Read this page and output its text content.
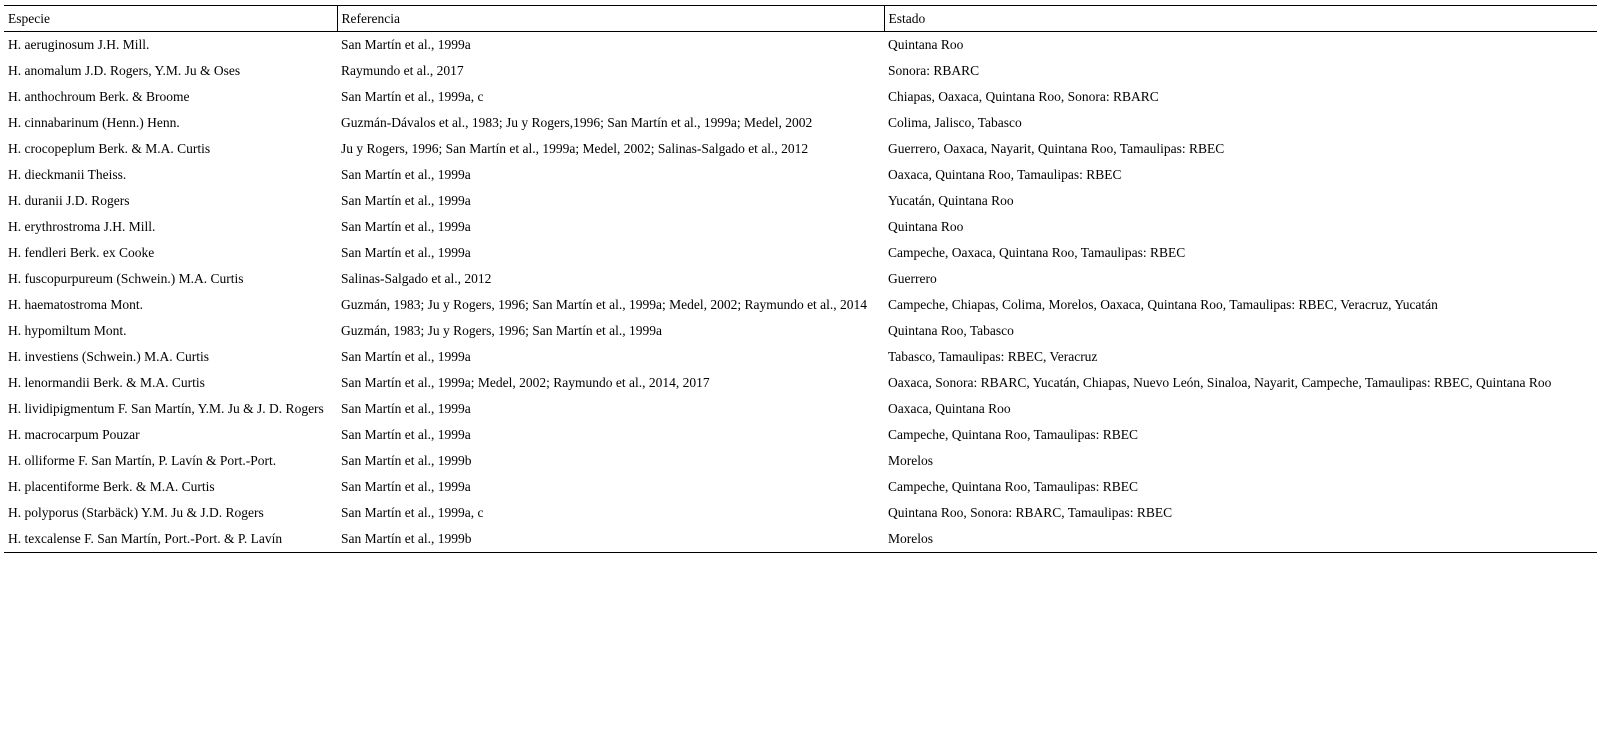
Especie	Referencia	Estado
H. aeruginosum J.H. Mill.	San Martín et al., 1999a	Quintana Roo
H. anomalum J.D. Rogers, Y.M. Ju & Oses	Raymundo et al., 2017	Sonora: RBARC
H. anthochroum Berk. & Broome	San Martín et al., 1999a, c	Chiapas, Oaxaca, Quintana Roo, Sonora: RBARC
H. cinnabarinum (Henn.) Henn.	Guzmán-Dávalos et al., 1983; Ju y Rogers,1996; San Martín et al., 1999a; Medel, 2002	Colima, Jalisco, Tabasco
H. crocopeplum Berk. & M.A. Curtis	Ju y Rogers, 1996; San Martín et al., 1999a; Medel, 2002; Salinas-Salgado et al., 2012	Guerrero, Oaxaca, Nayarit, Quintana Roo, Tamaulipas: RBEC
H. dieckmanii Theiss.	San Martín et al., 1999a	Oaxaca, Quintana Roo, Tamaulipas: RBEC
H. duranii J.D. Rogers	San Martín et al., 1999a	Yucatán, Quintana Roo
H. erythrostroma J.H. Mill.	San Martín et al., 1999a	Quintana Roo
H. fendleri Berk. ex Cooke	San Martín et al., 1999a	Campeche, Oaxaca, Quintana Roo, Tamaulipas: RBEC
H. fuscopurpureum (Schwein.) M.A. Curtis	Salinas-Salgado et al., 2012	Guerrero
H. haematostroma Mont.	Guzmán, 1983; Ju y Rogers, 1996; San Martín et al., 1999a; Medel, 2002; Raymundo et al., 2014	Campeche, Chiapas, Colima, Morelos, Oaxaca, Quintana Roo, Tamaulipas: RBEC, Veracruz, Yucatán
H. hypomiltum Mont.	Guzmán, 1983; Ju y Rogers, 1996; San Martín et al., 1999a	Quintana Roo, Tabasco
H. investiens (Schwein.) M.A. Curtis	San Martín et al., 1999a	Tabasco, Tamaulipas: RBEC, Veracruz
H. lenormandii Berk. & M.A. Curtis	San Martín et al., 1999a; Medel, 2002; Raymundo et al., 2014, 2017	Oaxaca, Sonora: RBARC, Yucatán, Chiapas, Nuevo León, Sinaloa, Nayarit, Campeche, Tamaulipas: RBEC, Quintana Roo
H. lividipigmentum F. San Martín, Y.M. Ju & J. D. Rogers	San Martín et al., 1999a	Oaxaca, Quintana Roo
H. macrocarpum Pouzar	San Martín et al., 1999a	Campeche, Quintana Roo, Tamaulipas: RBEC
H. olliforme F. San Martín, P. Lavín & Port.-Port.	San Martín et al., 1999b	Morelos
H. placentiforme Berk. & M.A. Curtis	San Martín et al., 1999a	Campeche, Quintana Roo, Tamaulipas: RBEC
H. polyporus (Starbäck) Y.M. Ju & J.D. Rogers	San Martín et al., 1999a, c	Quintana Roo, Sonora: RBARC, Tamaulipas: RBEC
H. texcalense F. San Martín, Port.-Port. & P. Lavín	San Martín et al., 1999b	Morelos
